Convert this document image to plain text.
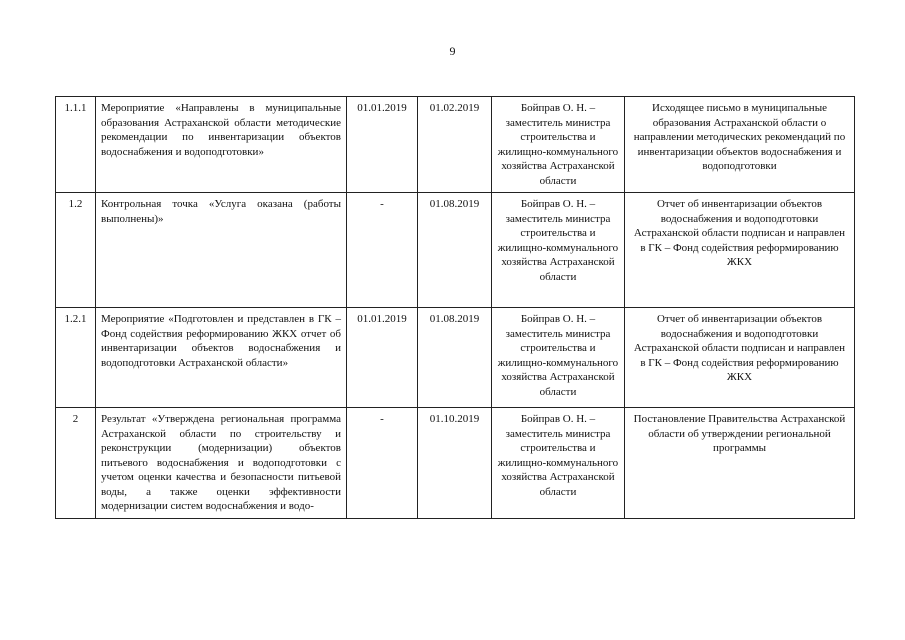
9
1.1.1	Мероприятие «Направлены в муниципальные образования Астраханской области методические рекомендации по инвентаризации объектов водоснабжения и водоподготовки»	01.01.2019	01.02.2019	Бойправ О. Н. – заместитель министра строительства и жилищно-коммунального хозяйства Астраханской области	Исходящее письмо в муниципальные образования Астраханской области о направлении методических рекомендаций по инвентаризации объектов водоснабжения и водоподготовки
1.2	Контрольная точка «Услуга оказана (работы выполнены)»	-	01.08.2019	Бойправ О. Н. – заместитель министра строительства и жилищно-коммунального хозяйства Астраханской области	Отчет об инвентаризации объектов водоснабжения и водоподготовки Астраханской области подписан и направлен в ГК – Фонд содействия реформированию ЖКХ
1.2.1	Мероприятие «Подготовлен и представлен в ГК – Фонд содействия реформированию ЖКХ отчет об инвентаризации объектов водоснабжения и водоподготовки Астраханской области»	01.01.2019	01.08.2019	Бойправ О. Н. – заместитель министра строительства и жилищно-коммунального хозяйства Астраханской области	Отчет об инвентаризации объектов водоснабжения и водоподготовки Астраханской области подписан и направлен в ГК – Фонд содействия реформированию ЖКХ
2	Результат «Утверждена региональная программа Астраханской области по строительству и реконструкции (модернизации) объектов питьевого водоснабжения и водоподготовки с учетом оценки качества и безопасности питьевой воды, а также оценки эффективности модернизации систем водоснабжения и водо-	-	01.10.2019	Бойправ О. Н. – заместитель министра строительства и жилищно-коммунального хозяйства Астраханской области	Постановление Правительства Астраханской области об утверждении региональной программы
